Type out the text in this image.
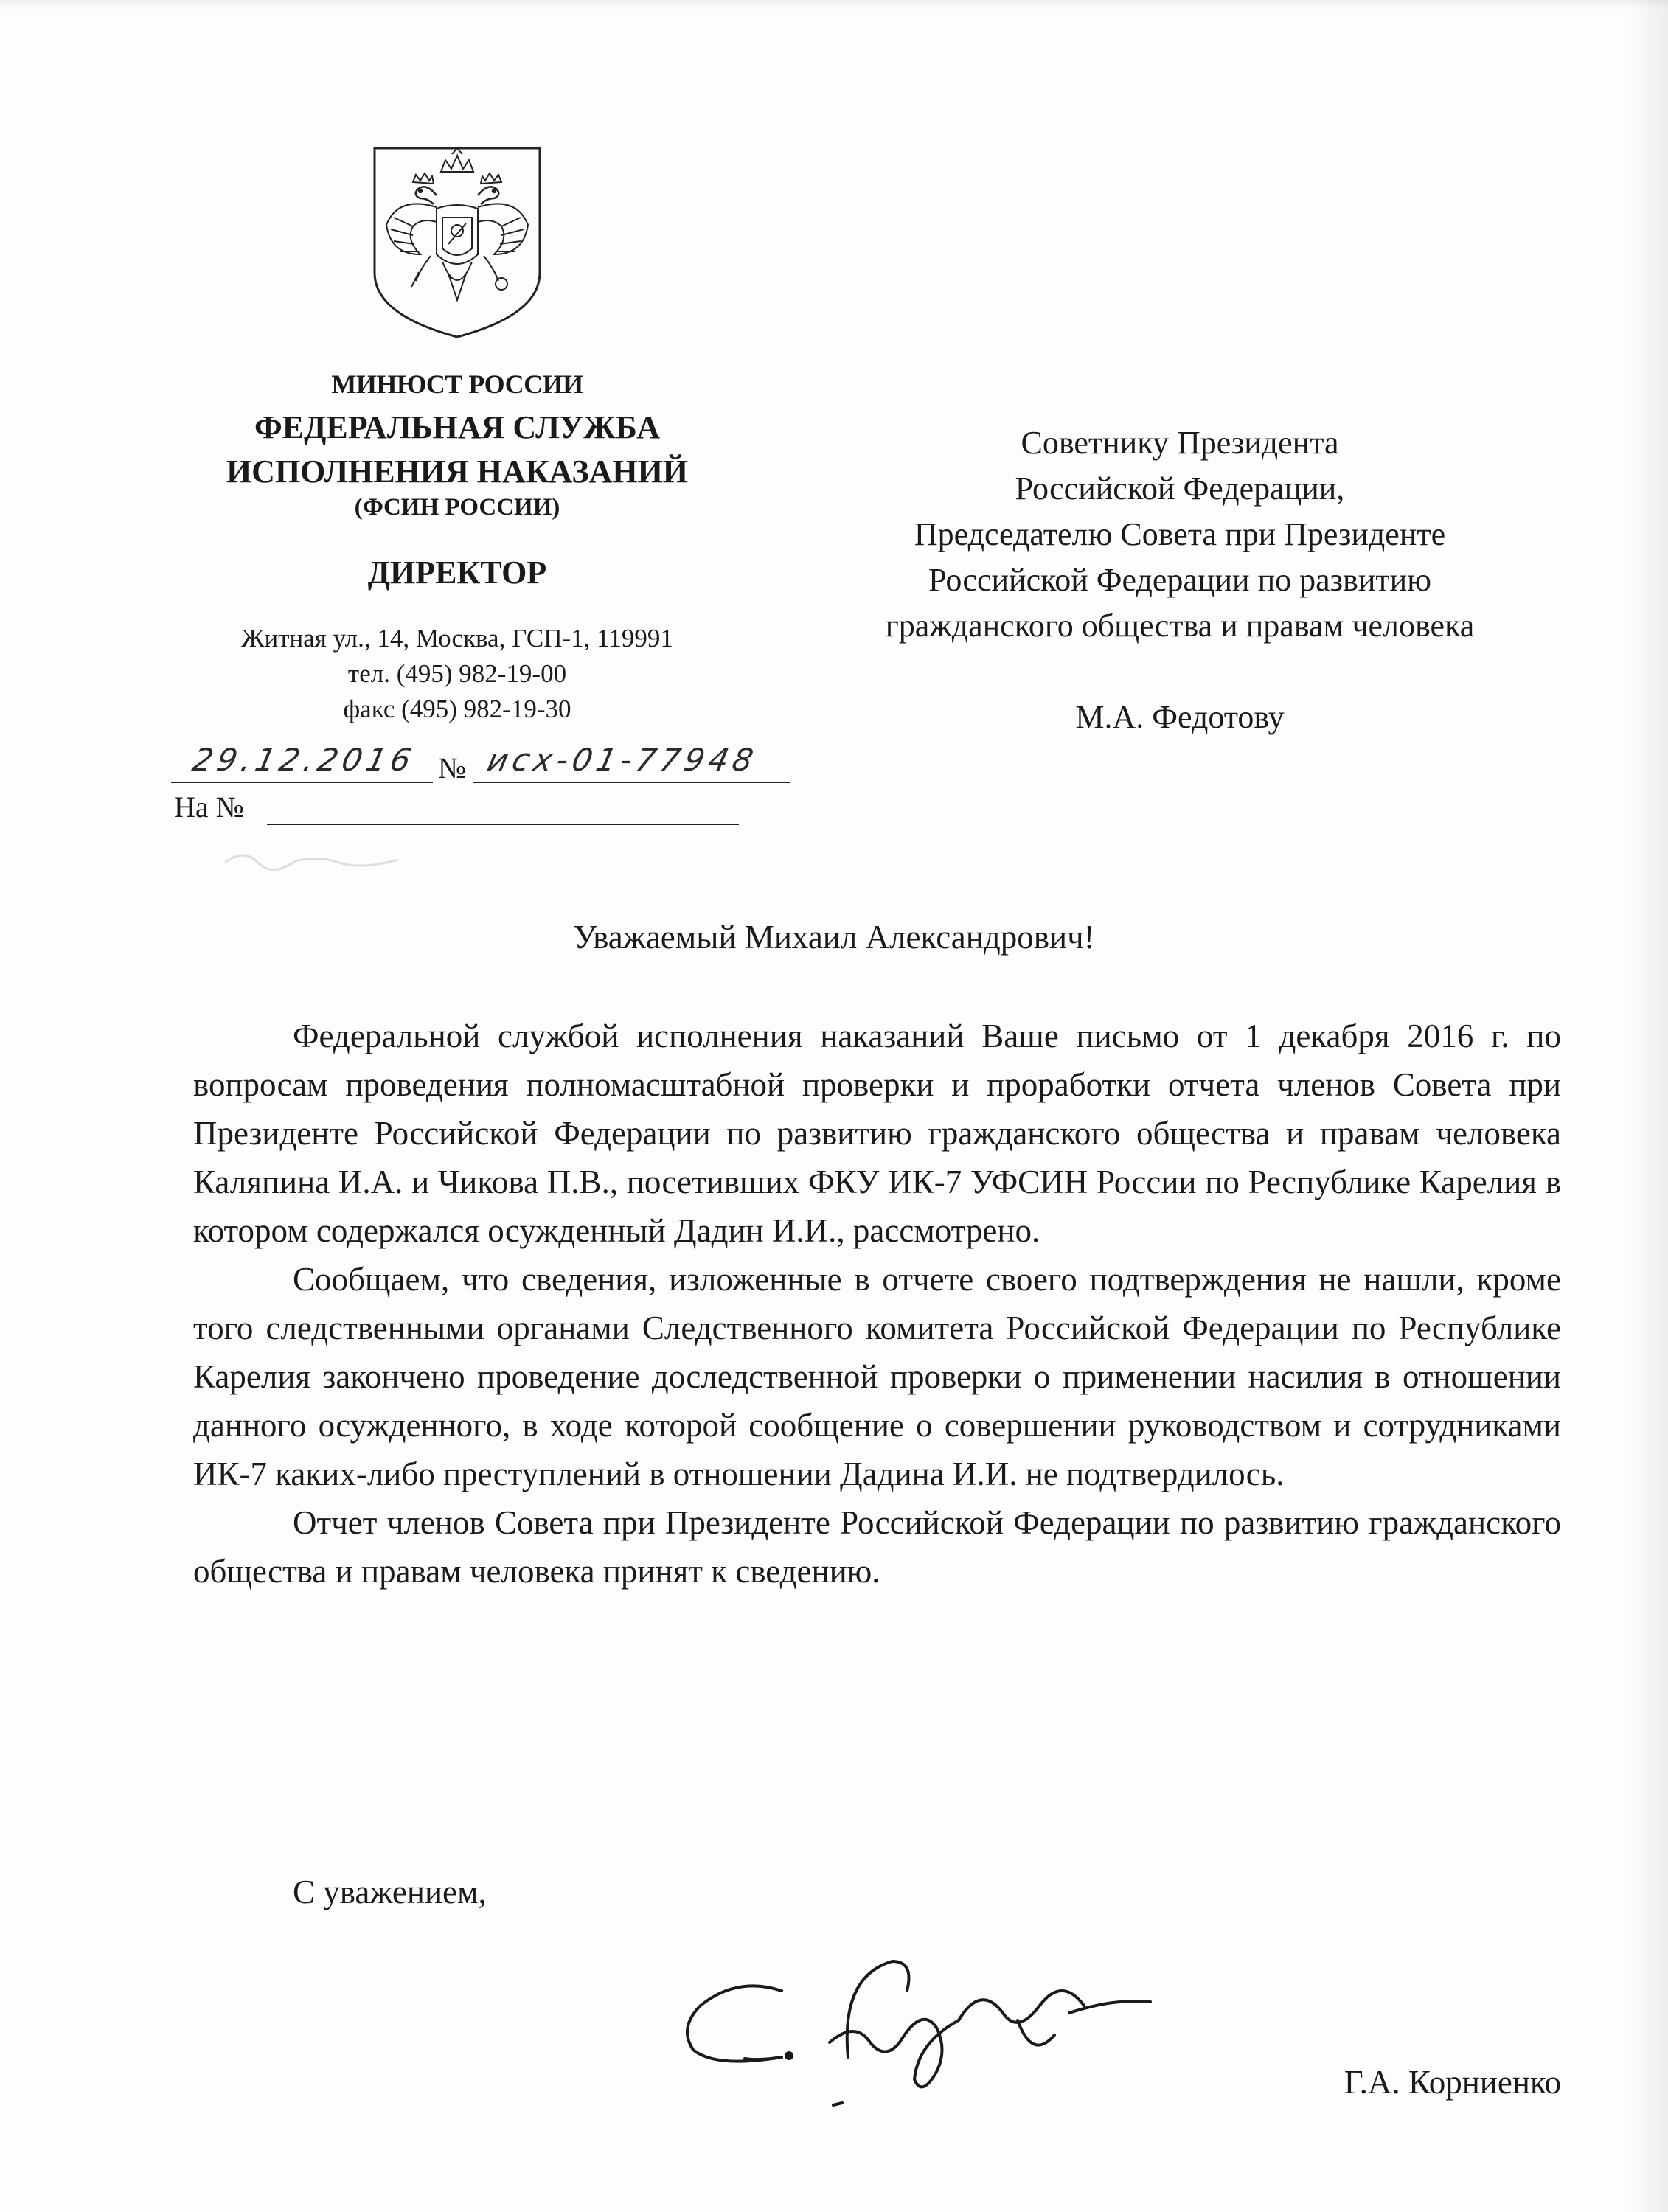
МИНЮСТ РОССИИ
ФЕДЕРАЛЬНАЯ СЛУЖБА
ИСПОЛНЕНИЯ НАКАЗАНИЙ
(ФСИН РОССИИ)
ДИРЕКТОР
Житная ул., 14, Москва, ГСП-1, 119991
тел. (495) 982-19-00
факс (495) 982-19-30
29.12.2016 № исх-01-77948
На №
Советнику Президента
Российской Федерации,
Председателю Совета при Президенте
Российской Федерации по развитию
гражданского общества и правам человека
М.А. Федотову
Уважаемый Михаил Александрович!

Федеральной службой исполнения наказаний Ваше письмо от 1 декабря 2016 г. по вопросам проведения полномасштабной проверки и проработки отчета членов Совета при Президенте Российской Федерации по развитию гражданского общества и правам человека Каляпина И.А. и Чикова П.В., посетивших ФКУ ИК-7 УФСИН России по Республике Карелия в котором содержался осужденный Дадин И.И., рассмотрено.

Сообщаем, что сведения, изложенные в отчете своего подтверждения не нашли, кроме того следственными органами Следственного комитета Российской Федерации по Республике Карелия закончено проведение доследственной проверки о применении насилия в отношении данного осужденного, в ходе которой сообщение о совершении руководством и сотрудниками ИК-7 каких-либо преступлений в отношении Дадина И.И. не подтвердилось.

Отчет членов Совета при Президенте Российской Федерации по развитию гражданского общества и правам человека принят к сведению.

С уважением,
Г.А. Корниенко
